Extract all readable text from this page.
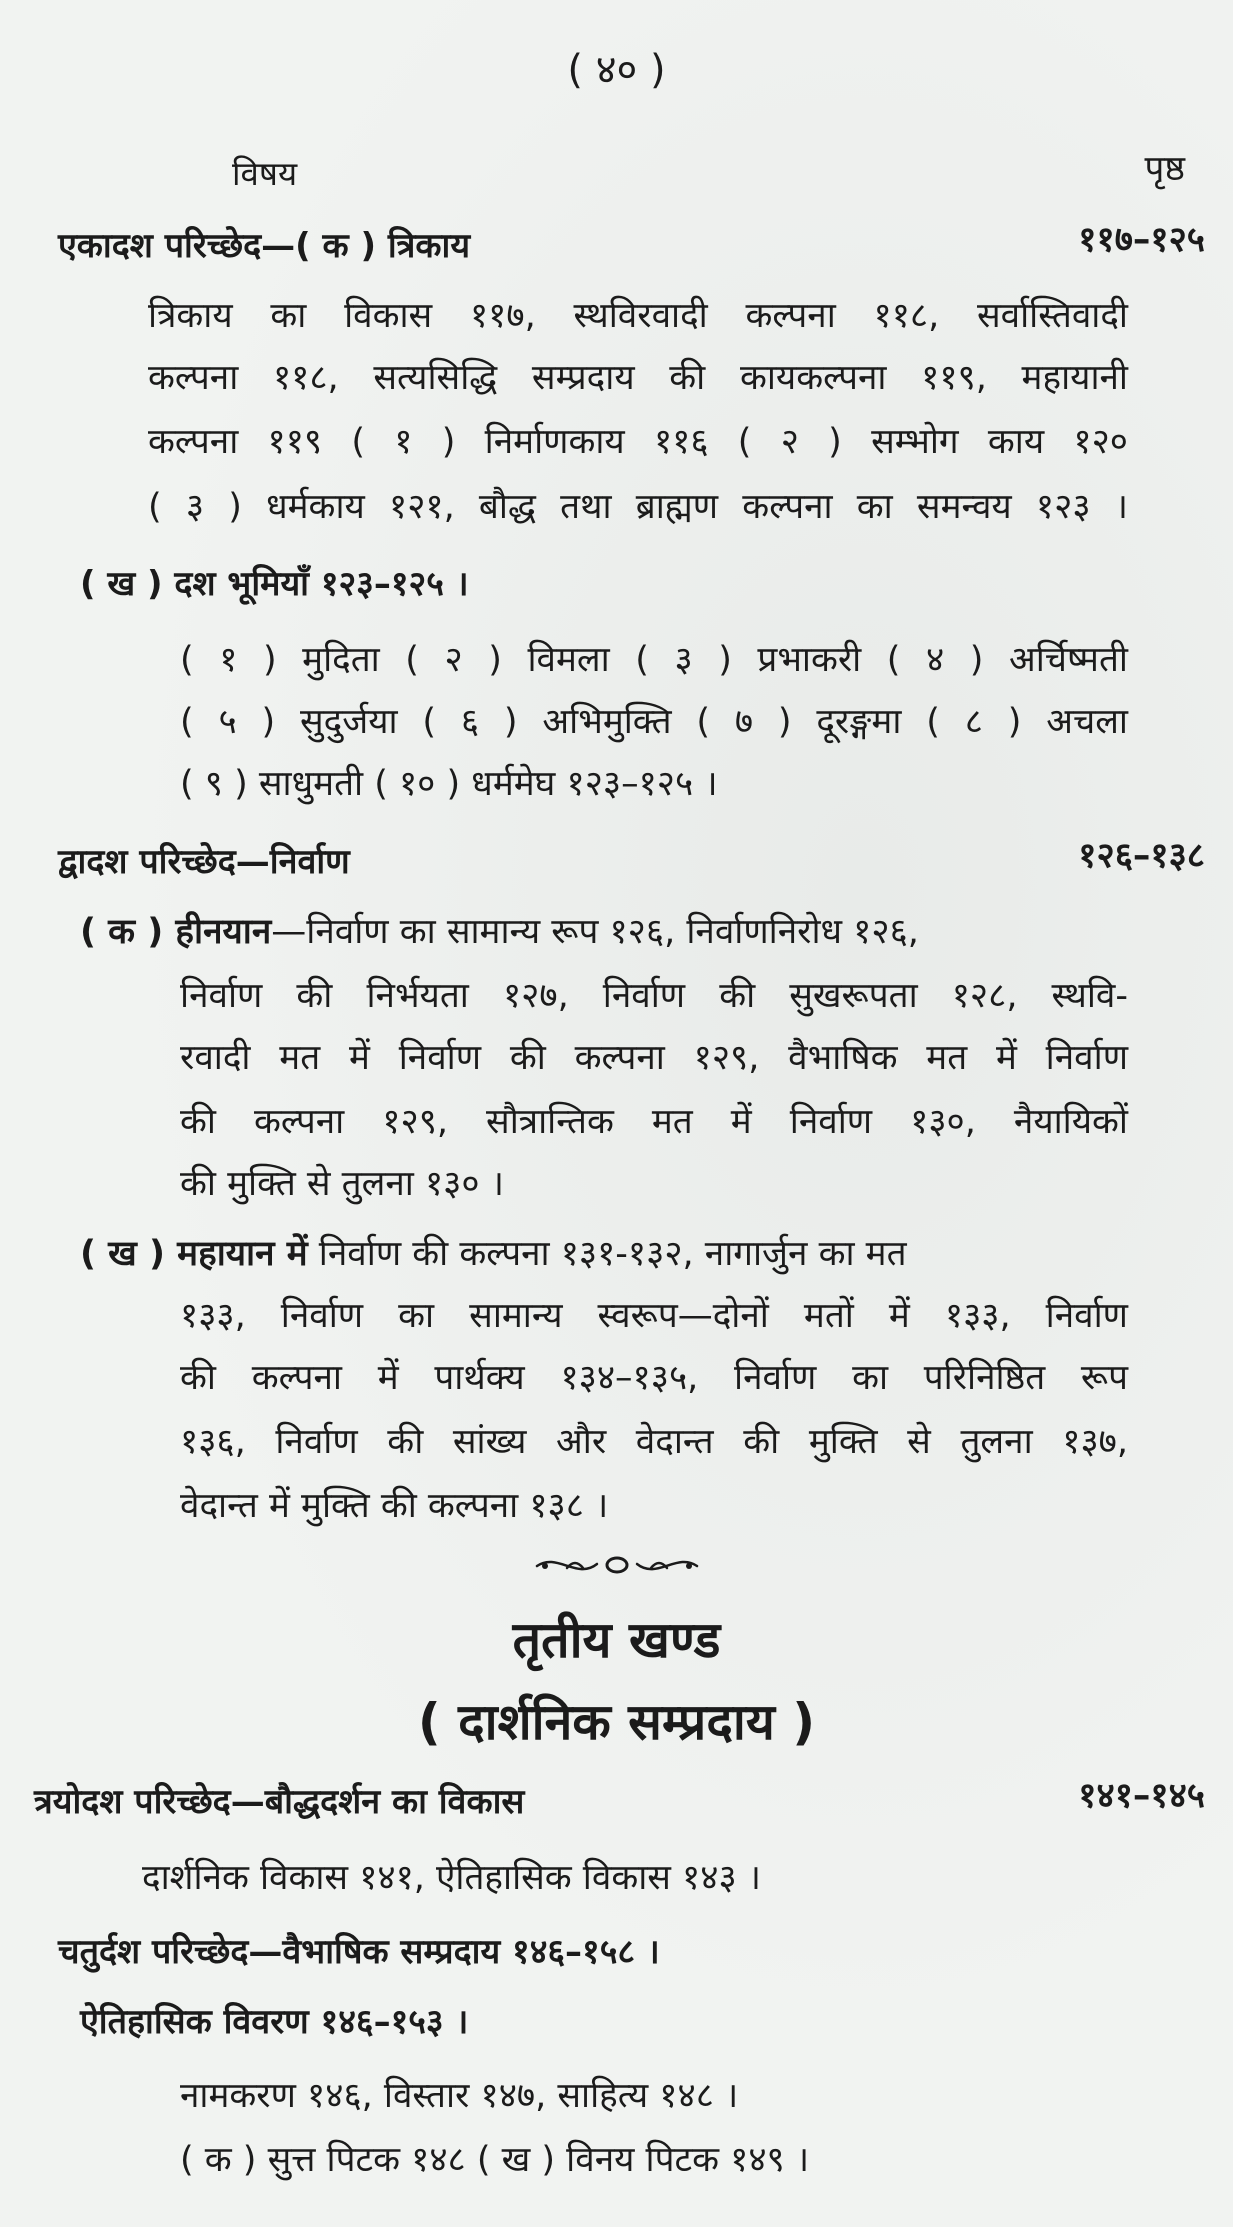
( ४० )
विषय	पृष्ठ
एकादश परिच्छेद—( क ) त्रिकाय	११७–१२५
त्रिकाय का विकास ११७, स्थविरवादी कल्पना ११८, सर्वास्तिवादी
कल्पना ११८, सत्यसिद्धि सम्प्रदाय की कायकल्पना ११९, महायानी
कल्पना ११९ ( १ ) निर्माणकाय ११६ ( २ ) सम्भोग काय १२०
( ३ ) धर्मकाय १२१, बौद्ध तथा ब्राह्मण कल्पना का समन्वय १२३ ।
( ख ) दश भूमियाँ १२३–१२५ ।
( १ ) मुदिता ( २ ) विमला ( ३ ) प्रभाकरी ( ४ ) अर्चिष्मती
( ५ ) सुदुर्जया ( ६ ) अभिमुक्ति ( ७ ) दूरङ्गमा ( ८ ) अचला
( ९ ) साधुमती ( १० ) धर्ममेघ १२३–१२५ ।
द्वादश परिच्छेद—निर्वाण	१२६–१३८
( क ) हीनयान—निर्वाण का सामान्य रूप १२६, निर्वाणनिरोध १२६,
निर्वाण की निर्भयता १२७, निर्वाण की सुखरूपता १२८, स्थवि-
रवादी मत में निर्वाण की कल्पना १२९, वैभाषिक मत में निर्वाण
की कल्पना १२९, सौत्रान्तिक मत में निर्वाण १३०, नैयायिकों
की मुक्ति से तुलना १३० ।
( ख ) महायान में निर्वाण की कल्पना १३१-१३२, नागार्जुन का मत
१३३, निर्वाण का सामान्य स्वरूप—दोनों मतों में १३३, निर्वाण
की कल्पना में पार्थक्य १३४–१३५, निर्वाण का परिनिष्ठित रूप
१३६, निर्वाण की सांख्य और वेदान्त की मुक्ति से तुलना १३७,
वेदान्त में मुक्ति की कल्पना १३८ ।
तृतीय खण्ड
( दार्शनिक सम्प्रदाय )
त्रयोदश परिच्छेद—बौद्धदर्शन का विकास	१४१–१४५
दार्शनिक विकास १४१, ऐतिहासिक विकास १४३ ।
चतुर्दश परिच्छेद—वैभाषिक सम्प्रदाय १४६–१५८ ।
ऐतिहासिक विवरण १४६–१५३ ।
नामकरण १४६, विस्तार १४७, साहित्य १४८ ।
( क ) सुत्त पिटक १४८ ( ख ) विनय पिटक १४९ ।
